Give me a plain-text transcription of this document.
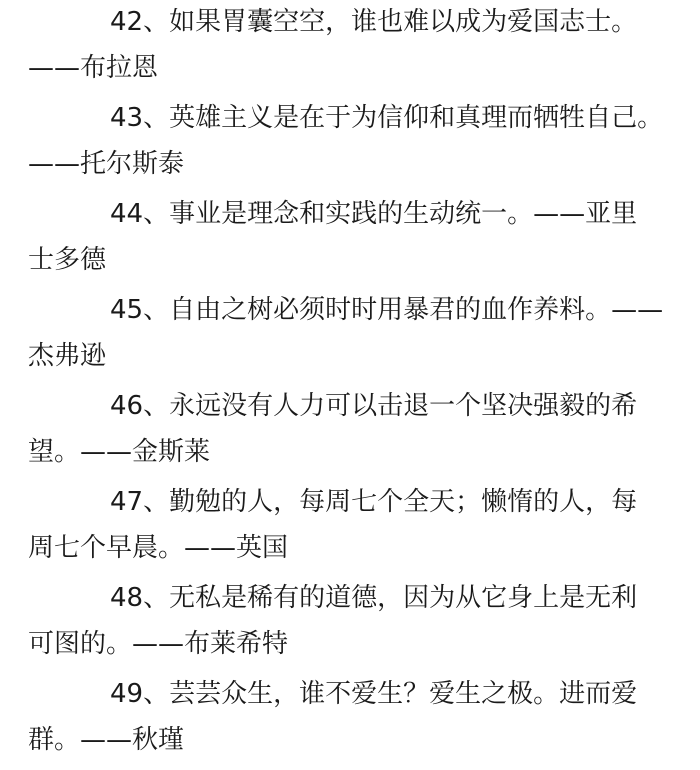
42、如果胃囊空空，谁也难以成为爱国志士。
——布拉恩
43、英雄主义是在于为信仰和真理而牺牲自己。
——托尔斯泰
44、事业是理念和实践的生动统一。——亚里
士多德
45、自由之树必须时时用暴君的血作养料。——
杰弗逊
46、永远没有人力可以击退一个坚决强毅的希
望。——金斯莱
47、勤勉的人，每周七个全天；懒惰的人，每
周七个早晨。——英国
48、无私是稀有的道德，因为从它身上是无利
可图的。——布莱希特
49、芸芸众生，谁不爱生？爱生之极。进而爱
群。——秋瑾
